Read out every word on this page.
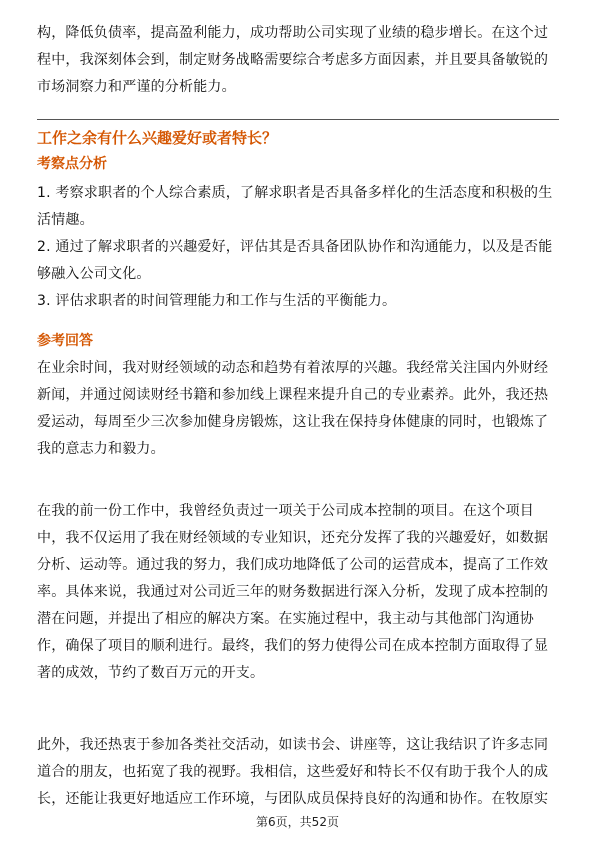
构，降低负债率，提高盈利能力，成功帮助公司实现了业绩的稳步增长。在这个过程中，我深刻体会到，制定财务战略需要综合考虑多方面因素，并且要具备敏锐的市场洞察力和严谨的分析能力。

工作之余有什么兴趣爱好或者特长？

考察点分析

1. 考察求职者的个人综合素质，了解求职者是否具备多样化的生活态度和积极的生活情趣。

2. 通过了解求职者的兴趣爱好，评估其是否具备团队协作和沟通能力，以及是否能够融入公司文化。

3. 评估求职者的时间管理能力和工作与生活的平衡能力。

参考回答

在业余时间，我对财经领域的动态和趋势有着浓厚的兴趣。我经常关注国内外财经新闻，并通过阅读财经书籍和参加线上课程来提升自己的专业素养。此外，我还热爱运动，每周至少三次参加健身房锻炼，这让我在保持身体健康的同时，也锻炼了我的意志力和毅力。

在我的前一份工作中，我曾经负责过一项关于公司成本控制的项目。在这个项目中，我不仅运用了我在财经领域的专业知识，还充分发挥了我的兴趣爱好，如数据分析、运动等。通过我的努力，我们成功地降低了公司的运营成本，提高了工作效率。具体来说，我通过对公司近三年的财务数据进行深入分析，发现了成本控制的潜在问题，并提出了相应的解决方案。在实施过程中，我主动与其他部门沟通协作，确保了项目的顺利进行。最终，我们的努力使得公司在成本控制方面取得了显著的成效，节约了数百万元的开支。

此外，我还热衷于参加各类社交活动，如读书会、讲座等，这让我结识了许多志同道合的朋友，也拓宽了我的视野。我相信，这些爱好和特长不仅有助于我个人的成长，还能让我更好地适应工作环境，与团队成员保持良好的沟通和协作。在牧原实

第6页，共52页
